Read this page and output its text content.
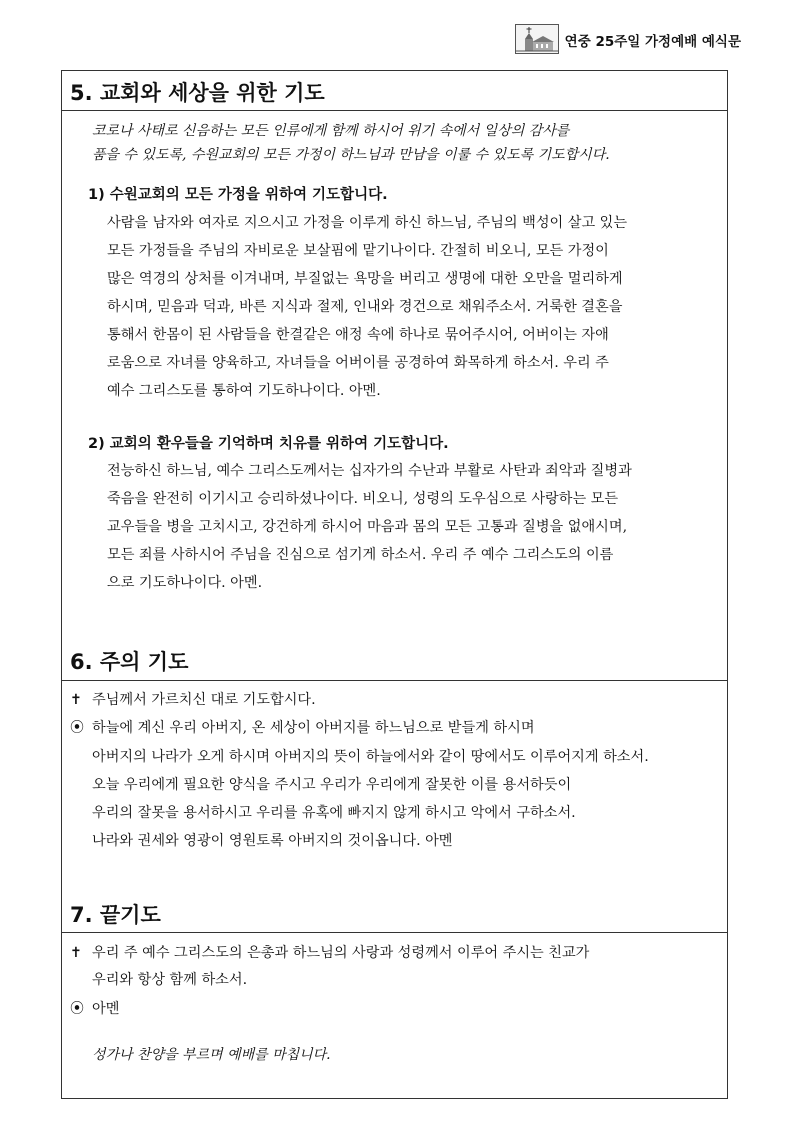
연중 25주일 가정예배 예식문
5. 교회와 세상을 위한 기도

코로나 사태로 신음하는 모든 인류에게 함께 하시어 위기 속에서 일상의 감사를

품을 수 있도록, 수원교회의 모든 가정이 하느님과 만남을 이룰 수 있도록 기도합시다.

1) 수원교회의 모든 가정을 위하여 기도합니다.

사람을 남자와 여자로 지으시고 가정을 이루게 하신 하느님, 주님의 백성이 살고 있는
모든 가정들을 주님의 자비로운 보살핌에 맡기나이다. 간절히 비오니, 모든 가정이
많은 역경의 상처를 이겨내며, 부질없는 욕망을 버리고 생명에 대한 오만을 멀리하게
하시며, 믿음과 덕과, 바른 지식과 절제, 인내와 경건으로 채워주소서. 거룩한 결혼을
통해서 한몸이 된 사람들을 한결같은 애정 속에 하나로 묶어주시어, 어버이는 자애
로움으로 자녀를 양육하고, 자녀들을 어버이를 공경하여 화목하게 하소서. 우리 주
예수 그리스도를 통하여 기도하나이다. 아멘.

2) 교회의 환우들을 기억하며 치유를 위하여 기도합니다.

전능하신 하느님, 예수 그리스도께서는 십자가의 수난과 부활로 사탄과 죄악과 질병과
죽음을 완전히 이기시고 승리하셨나이다. 비오니, 성령의 도우심으로 사랑하는 모든
교우들을 병을 고치시고, 강건하게 하시어 마음과 몸의 모든 고통과 질병을 없애시며,
모든 죄를 사하시어 주님을 진심으로 섬기게 하소서. 우리 주 예수 그리스도의 이름
으로 기도하나이다. 아멘.
6. 주의 기도

✝ 주님께서 가르치신 대로 기도합시다.

⦿ 하늘에 계신 우리 아버지, 온 세상이 아버지를 하느님으로 받들게 하시며

아버지의 나라가 오게 하시며 아버지의 뜻이 하늘에서와 같이 땅에서도 이루어지게 하소서.

오늘 우리에게 필요한 양식을 주시고 우리가 우리에게 잘못한 이를 용서하듯이

우리의 잘못을 용서하시고 우리를 유혹에 빠지지 않게 하시고 악에서 구하소서.

나라와 권세와 영광이 영원토록 아버지의 것이옵니다. 아멘

7. 끝기도

✝ 우리 주 예수 그리스도의 은총과 하느님의 사랑과 성령께서 이루어 주시는 친교가

우리와 항상 함께 하소서.

⦿ 아멘

성가나 찬양을 부르며 예배를 마칩니다.
